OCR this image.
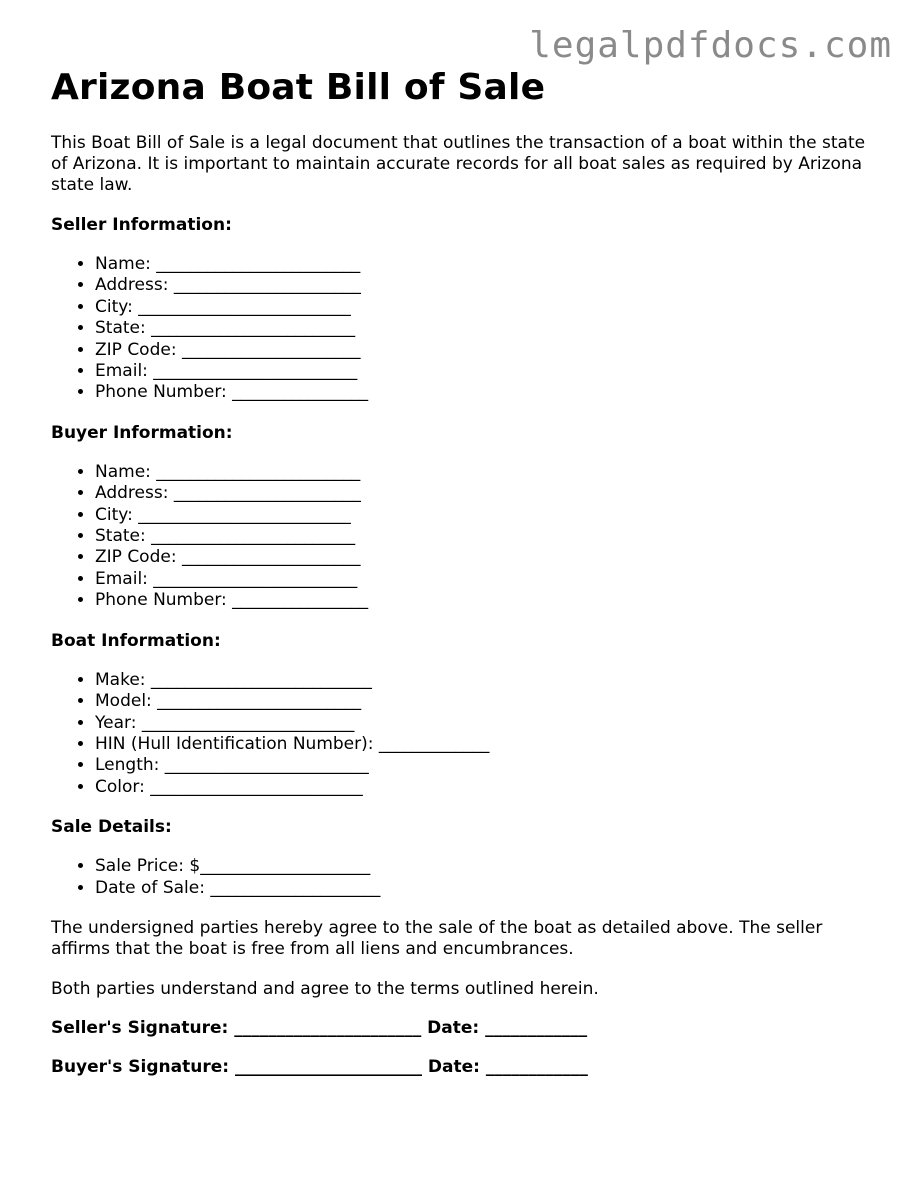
legalpdfdocs.com
Arizona Boat Bill of Sale

This Boat Bill of Sale is a legal document that outlines the transaction of a boat within the state of Arizona. It is important to maintain accurate records for all boat sales as required by Arizona state law.

Seller Information:
• Name: ________________________
• Address: ______________________
• City: _________________________
• State: ________________________
• ZIP Code: _____________________
• Email: ________________________
• Phone Number: ________________
Buyer Information:
• Name: ________________________
• Address: ______________________
• City: _________________________
• State: ________________________
• ZIP Code: _____________________
• Email: ________________________
• Phone Number: ________________
Boat Information:
• Make: __________________________
• Model: ________________________
• Year: _________________________
• HIN (Hull Identification Number): _____________
• Length: ________________________
• Color: _________________________
Sale Details:
• Sale Price: $____________________
• Date of Sale: ____________________

The undersigned parties hereby agree to the sale of the boat as detailed above. The seller affirms that the boat is free from all liens and encumbrances.

Both parties understand and agree to the terms outlined herein.

Seller's Signature: ______________________ Date: ____________
Buyer's Signature: ______________________ Date: ____________
